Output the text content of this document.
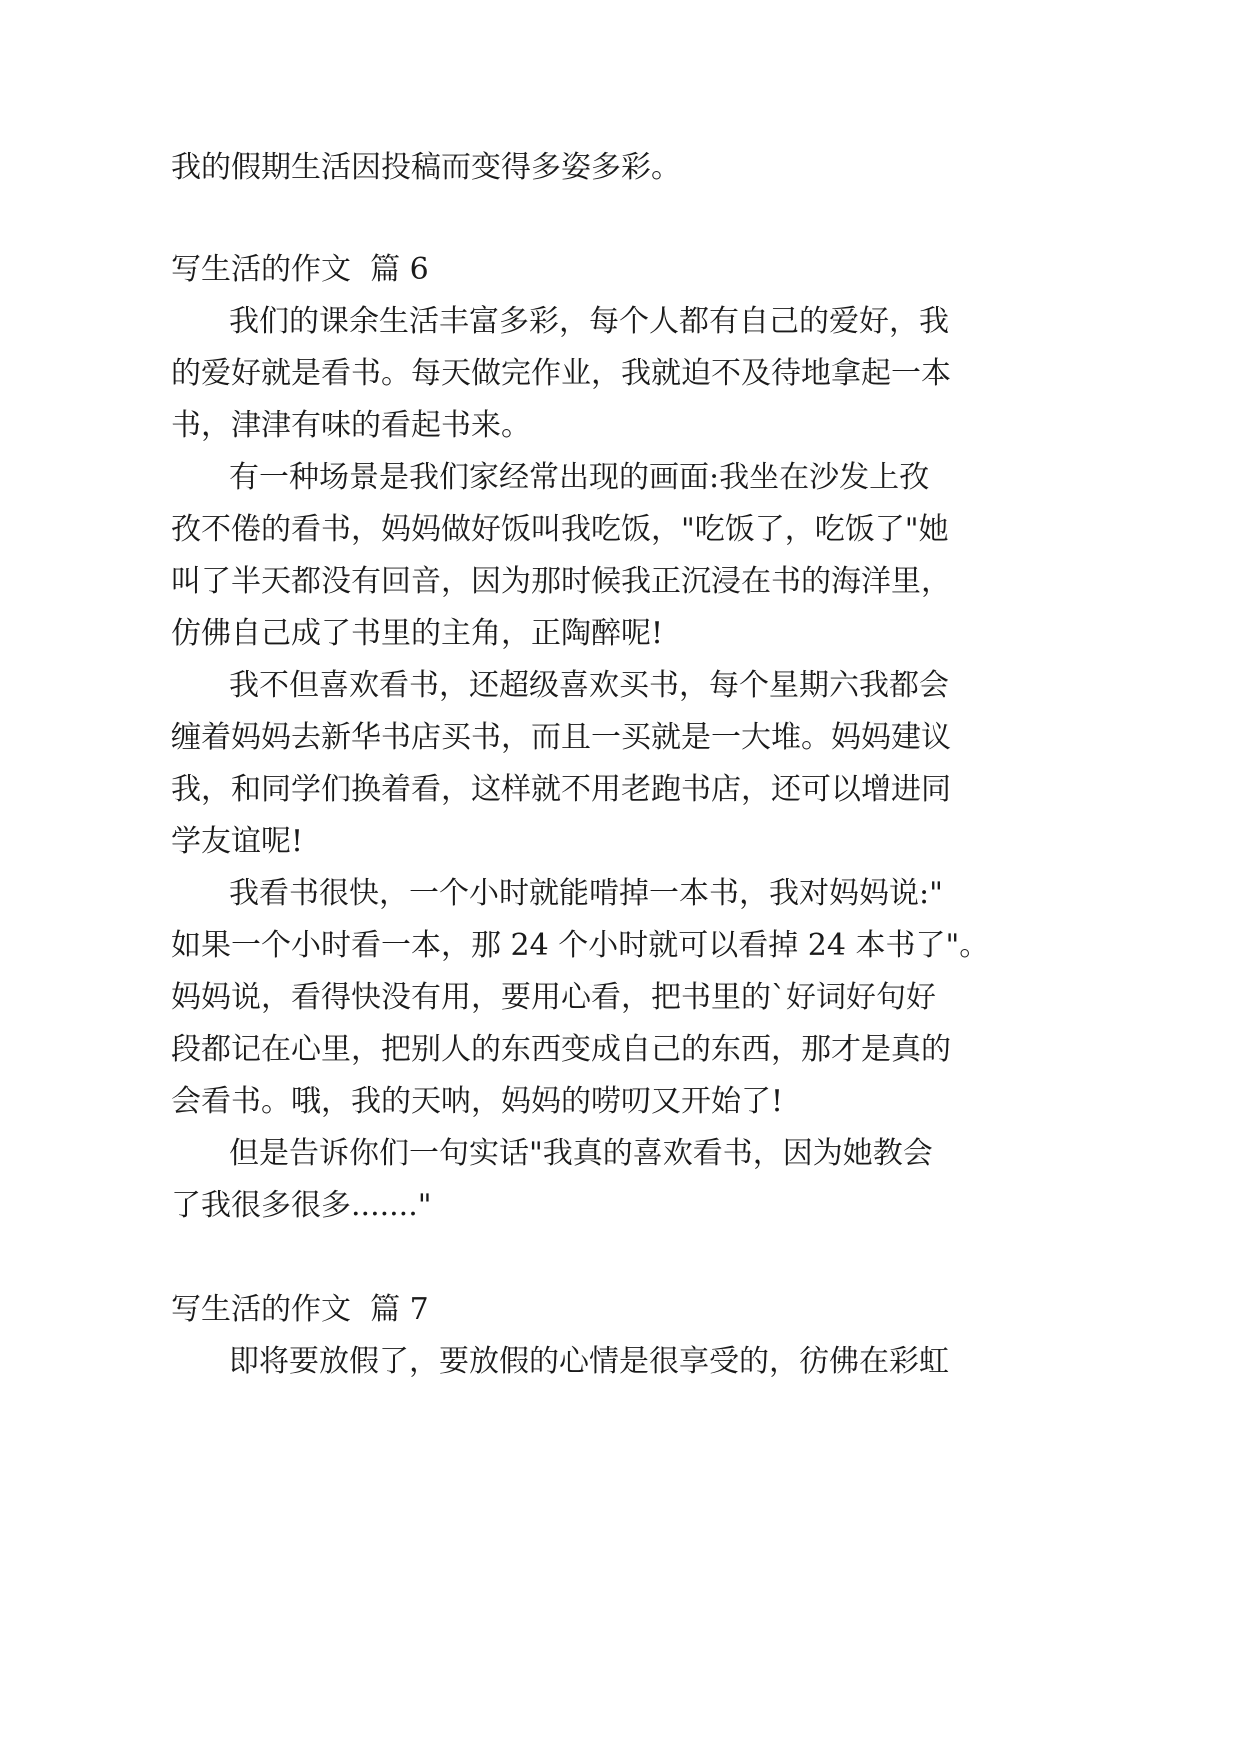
我的假期生活因投稿而变得多姿多彩。

写生活的作文  篇 6

我们的课余生活丰富多彩，每个人都有自己的爱好，我

的爱好就是看书。每天做完作业，我就迫不及待地拿起一本

书，津津有味的看起书来。

有一种场景是我们家经常出现的画面:我坐在沙发上孜

孜不倦的看书，妈妈做好饭叫我吃饭，"吃饭了，吃饭了"她

叫了半天都没有回音，因为那时候我正沉浸在书的海洋里，

仿佛自己成了书里的主角，正陶醉呢!

我不但喜欢看书，还超级喜欢买书，每个星期六我都会

缠着妈妈去新华书店买书，而且一买就是一大堆。妈妈建议

我，和同学们换着看，这样就不用老跑书店，还可以增进同

学友谊呢!

我看书很快，一个小时就能啃掉一本书，我对妈妈说:"

如果一个小时看一本，那 24 个小时就可以看掉 24 本书了"。

妈妈说，看得快没有用，要用心看，把书里的`好词好句好

段都记在心里，把别人的东西变成自己的东西，那才是真的

会看书。哦，我的天呐，妈妈的唠叨又开始了!

但是告诉你们一句实话"我真的喜欢看书，因为她教会

了我很多很多......."

写生活的作文  篇 7

即将要放假了，要放假的心情是很享受的，彷佛在彩虹
